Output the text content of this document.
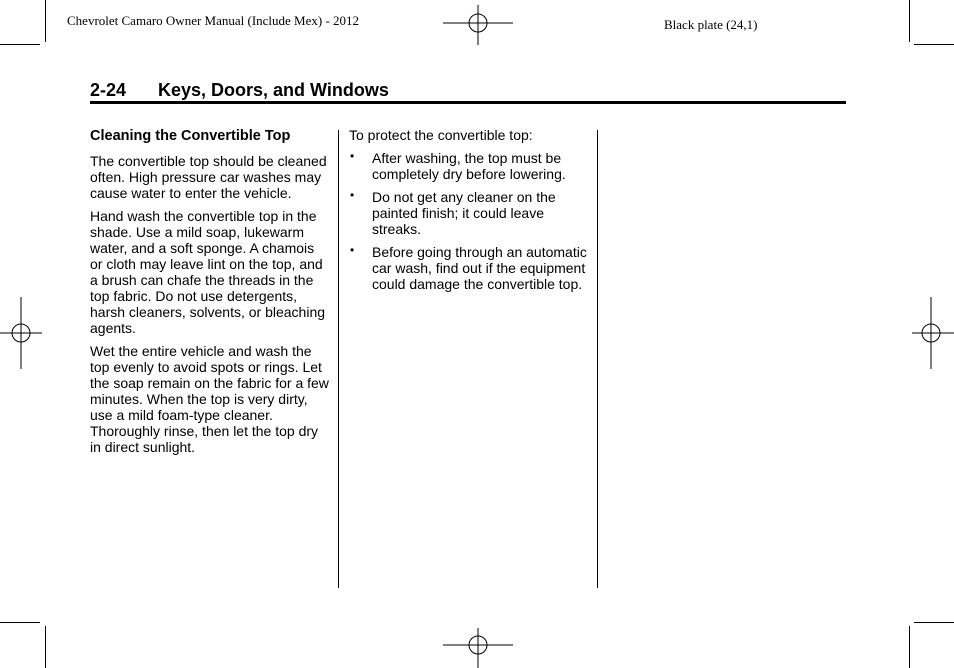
Chevrolet Camaro Owner Manual (Include Mex) - 2012	Black plate (24,1)
2-24 Keys, Doors, and Windows
Cleaning the Convertible Top

The convertible top should be cleaned often. High pressure car washes may cause water to enter the vehicle.

Hand wash the convertible top in the shade. Use a mild soap, lukewarm water, and a soft sponge. A chamois or cloth may leave lint on the top, and a brush can chafe the threads in the top fabric. Do not use detergents, harsh cleaners, solvents, or bleaching agents.

Wet the entire vehicle and wash the top evenly to avoid spots or rings. Let the soap remain on the fabric for a few minutes. When the top is very dirty, use a mild foam-type cleaner. Thoroughly rinse, then let the top dry in direct sunlight.

To protect the convertible top:

• After washing, the top must be completely dry before lowering.
• Do not get any cleaner on the painted finish; it could leave streaks.
• Before going through an automatic car wash, find out if the equipment could damage the convertible top.
